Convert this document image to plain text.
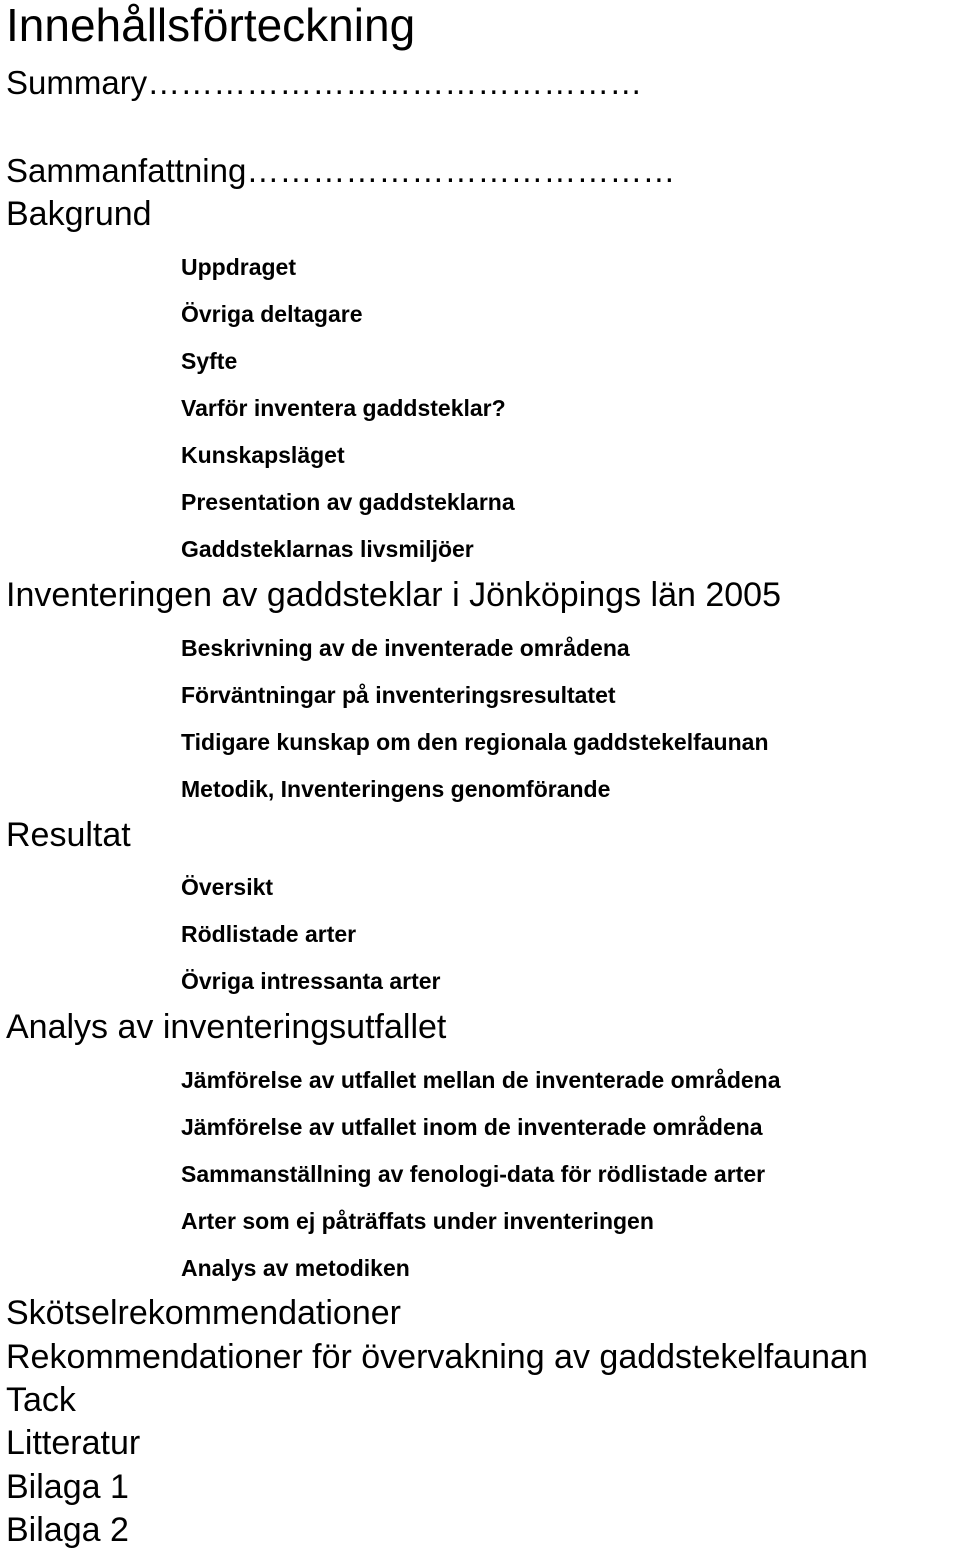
Innehållsförteckning
Summary………………………………………
Sammanfattning…………………………………
Bakgrund
Uppdraget
Övriga deltagare
Syfte
Varför inventera gaddsteklar?
Kunskapsläget
Presentation av gaddsteklarna
Gaddsteklarnas livsmiljöer
Inventeringen av gaddsteklar i Jönköpings län 2005
Beskrivning av de inventerade områdena
Förväntningar på inventeringsresultatet
Tidigare kunskap om den regionala gaddstekelfaunan
Metodik, Inventeringens genomförande
Resultat
Översikt
Rödlistade arter
Övriga intressanta arter
Analys av inventeringsutfallet
Jämförelse av utfallet mellan de inventerade områdena
Jämförelse av utfallet inom de inventerade områdena
Sammanställning av fenologi-data för rödlistade arter
Arter som ej påträffats under inventeringen
Analys av metodiken
Skötselrekommendationer
Rekommendationer för övervakning av gaddstekelfaunan
Tack
Litteratur
Bilaga 1
Bilaga 2
